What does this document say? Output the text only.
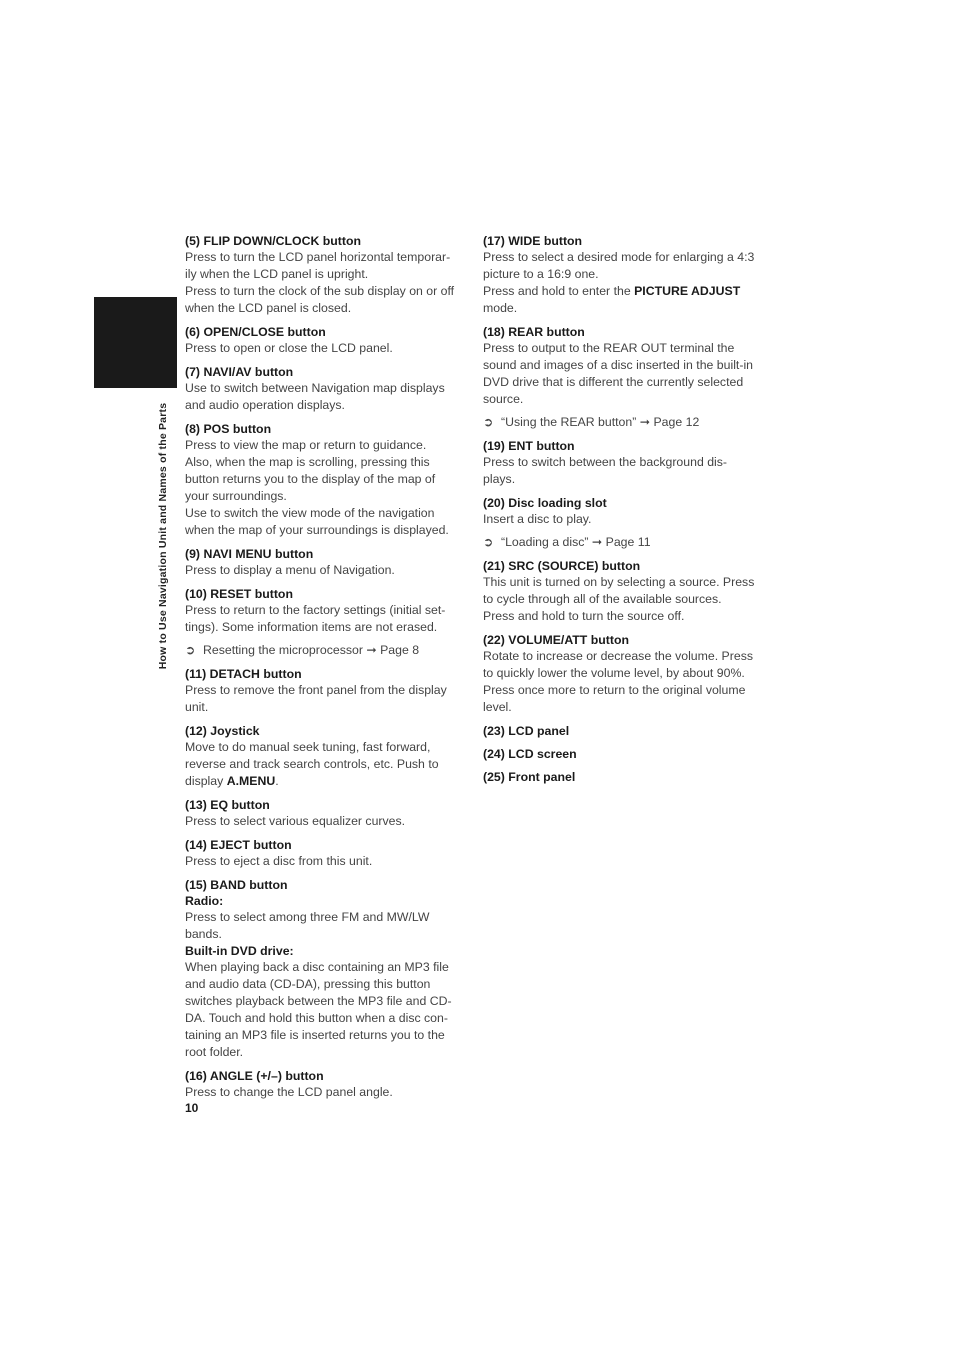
Chapter 1
How to Use Navigation Unit and Names of the Parts
(5) FLIP DOWN/CLOCK button

Press to turn the LCD panel horizontal temporar-ily when the LCD panel is upright.

Press to turn the clock of the sub display on or off when the LCD panel is closed.

(6) OPEN/CLOSE button

Press to open or close the LCD panel.

(7) NAVI/AV button

Use to switch between Navigation map displays and audio operation displays.

(8) POS button

Press to view the map or return to guidance.

Also, when the map is scrolling, pressing this button returns you to the display of the map of your surroundings.

Use to switch the view mode of the navigation when the map of your surroundings is displayed.

(9) NAVI MENU button

Press to display a menu of Navigation.

(10) RESET button

Press to return to the factory settings (initial set-tings). Some information items are not erased.

➲ Resetting the microprocessor ➞ Page 8

(11) DETACH button

Press to remove the front panel from the display unit.

(12) Joystick

Move to do manual seek tuning, fast forward, reverse and track search controls, etc. Push to display A.MENU.

(13) EQ button

Press to select various equalizer curves.

(14) EJECT button

Press to eject a disc from this unit.

(15) BAND button
Radio:

Press to select among three FM and MW/LW bands.

Built-in DVD drive:

When playing back a disc containing an MP3 file and audio data (CD-DA), pressing this button switches playback between the MP3 file and CD-DA. Touch and hold this button when a disc con-taining an MP3 file is inserted returns you to the root folder.

(16) ANGLE (+/–) button

Press to change the LCD panel angle.

(17) WIDE button

Press to select a desired mode for enlarging a 4:3 picture to a 16:9 one.

Press and hold to enter the PICTURE ADJUST mode.

(18) REAR button

Press to output to the REAR OUT terminal the sound and images of a disc inserted in the built-in DVD drive that is different the currently selected source.

➲ “Using the REAR button” ➞ Page 12

(19) ENT button

Press to switch between the background dis-plays.

(20) Disc loading slot

Insert a disc to play.

➲ “Loading a disc” ➞ Page 11

(21) SRC (SOURCE) button

This unit is turned on by selecting a source. Press to cycle through all of the available sources.

Press and hold to turn the source off.

(22) VOLUME/ATT button

Rotate to increase or decrease the volume. Press to quickly lower the volume level, by about 90%. Press once more to return to the original volume level.

(23) LCD panel
(24) LCD screen
(25) Front panel
10
